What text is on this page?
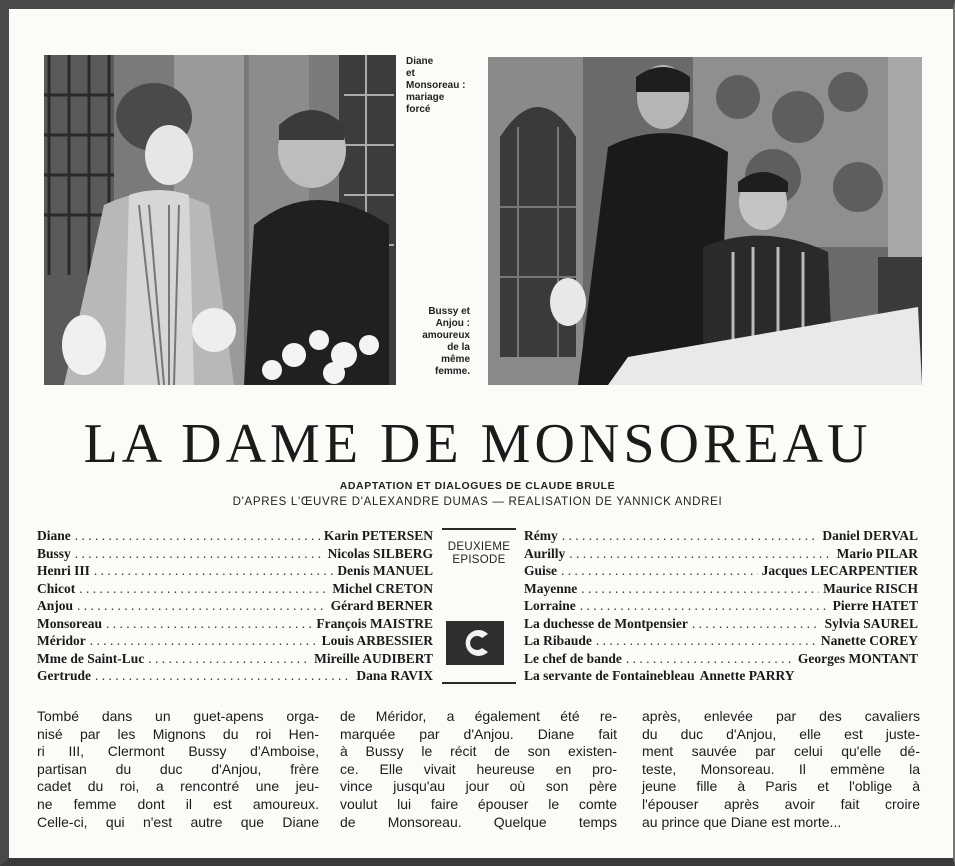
Diane
et
Monsoreau :
mariage
forcé
Bussy et
Anjou :
amoureux
de la
même
femme.
LA DAME DE MONSOREAU
ADAPTATION ET DIALOGUES DE CLAUDE BRULE
D'APRES L'ŒUVRE D'ALEXANDRE DUMAS — REALISATION DE YANNICK ANDREI
Diane . . .	Karin PETERSEN
Bussy . . .	Nicolas SILBERG
Henri III . . .	Denis MANUEL
Chicot . . .	Michel CRETON
Anjou . . .	Gérard BERNER
Monsoreau . . .	François MAISTRE
Méridor . . .	Louis ARBESSIER
Mme de Saint-Luc . . .	Mireille AUDIBERT
Gertrude . . .	Dana RAVIX
DEUXIEME
EPISODE
Rémy . . .	Daniel DERVAL
Aurilly . . .	Mario PILAR
Guise . . .	Jacques LECARPENTIER
Mayenne . . .	Maurice RISCH
Lorraine . . .	Pierre HATET
La duchesse de Montpensier . . .	Sylvia SAUREL
La Ribaude . . .	Nanette COREY
Le chef de bande . . .	Georges MONTANT
La servante de Fontainebleau Annette PARRY
Tombé dans un guet-apens orga-
nisé par les Mignons du roi Hen-
ri III, Clermont Bussy d'Amboise,
partisan du duc d'Anjou, frère
cadet du roi, a rencontré une jeu-
ne femme dont il est amoureux.
Celle-ci, qui n'est autre que Diane
de Méridor, a également été re-
marquée par d'Anjou. Diane fait
à Bussy le récit de son existen-
ce. Elle vivait heureuse en pro-
vince jusqu'au jour où son père
voulut lui faire épouser le comte
de Monsoreau. Quelque temps
après, enlevée par des cavaliers
du duc d'Anjou, elle est juste-
ment sauvée par celui qu'elle dé-
teste, Monsoreau. Il emmène la
jeune fille à Paris et l'oblige à
l'épouser après avoir fait croire
au prince que Diane est morte...
